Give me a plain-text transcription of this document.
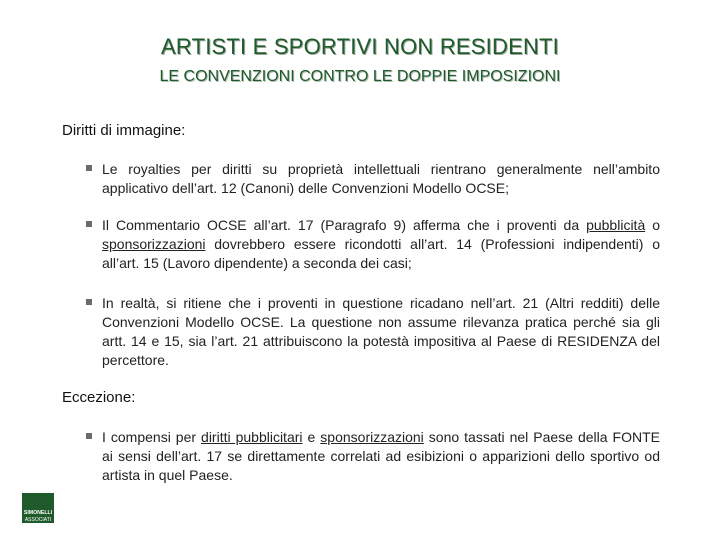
ARTISTI E SPORTIVI NON RESIDENTI
LE CONVENZIONI CONTRO LE DOPPIE IMPOSIZIONI
Diritti di immagine:
Le royalties per diritti su proprietà intellettuali rientrano generalmente nell’ambito applicativo dell’art. 12 (Canoni) delle Convenzioni Modello OCSE;
Il Commentario OCSE all’art. 17 (Paragrafo 9) afferma che i proventi da pubblicità o sponsorizzazioni dovrebbero essere ricondotti all’art. 14 (Professioni indipendenti) o all’art. 15 (Lavoro dipendente) a seconda dei casi;
In realtà, si ritiene che i proventi in questione ricadano nell’art. 21 (Altri redditi) delle Convenzioni Modello OCSE. La questione non assume rilevanza pratica perché sia gli artt. 14 e 15, sia l’art. 21 attribuiscono la potestà impositiva al Paese di RESIDENZA del percettore.
Eccezione:
I compensi per diritti pubblicitari e sponsorizzazioni sono tassati nel Paese della FONTE ai sensi dell’art. 17 se direttamente correlati ad esibizioni o apparizioni dello sportivo od artista in quel Paese.
SIMONELLI
ASSOCIATI
